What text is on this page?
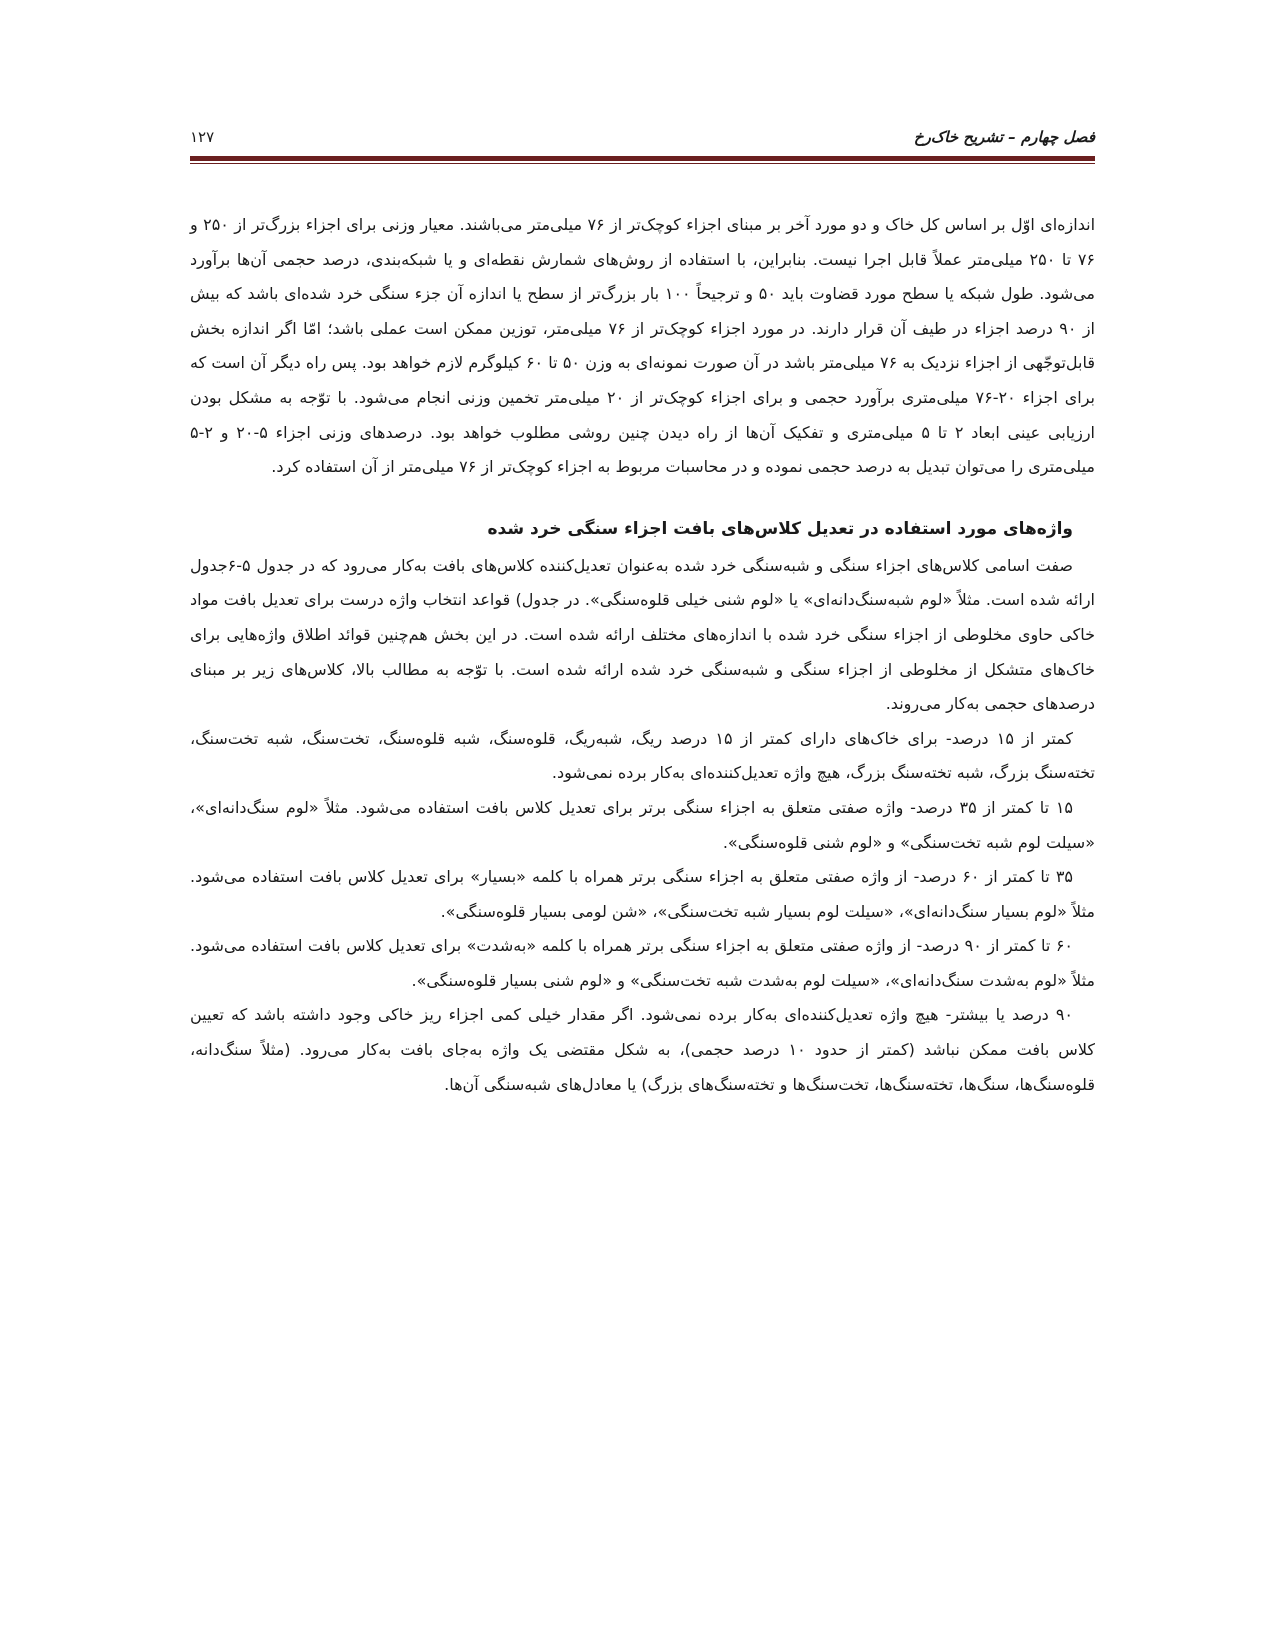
فصل چهارم – تشریح خاک‌رخ
۱۲۷

اندازه‌ای اوّل بر اساس کل خاک و دو مورد آخر بر مبنای اجزاء کوچک‌تر از ۷۶ میلی‌متر می‌باشند. معیار وزنی برای اجزاء بزرگ‌تر از ۲۵۰ و ۷۶ تا ۲۵۰ میلی‌متر عملاً قابل اجرا نیست. بنابراین، با استفاده از روش‌های شمارش نقطه‌ای و یا شبکه‌بندی، درصد حجمی آن‌ها برآورد می‌شود. طول شبکه یا سطح مورد قضاوت باید ۵۰ و ترجیحاً ۱۰۰ بار بزرگ‌تر از سطح یا اندازه آن جزء سنگی خرد شده‌ای باشد که بیش از ۹۰ درصد اجزاء در طیف آن قرار دارند. در مورد اجزاء کوچک‌تر از ۷۶ میلی‌متر، توزین ممکن است عملی باشد؛ امّا اگر اندازه بخش قابل‌توجّهی از اجزاء نزدیک به ۷۶ میلی‌متر باشد در آن صورت نمونه‌ای به وزن ۵۰ تا ۶۰ کیلوگرم لازم خواهد بود. پس راه دیگر آن است که برای اجزاء ۲۰-۷۶ میلی‌متری برآورد حجمی و برای اجزاء کوچک‌تر از ۲۰ میلی‌متر تخمین وزنی انجام می‌شود. با توّجه به مشکل بودن ارزیابی عینی ابعاد ۲ تا ۵ میلی‌متری و تفکیک آن‌ها از راه دیدن چنین روشی مطلوب خواهد بود. درصدهای وزنی اجزاء ۵-۲۰ و ۲-۵ میلی‌متری را می‌توان تبدیل به درصد حجمی نموده و در محاسبات مربوط به اجزاء کوچک‌تر از ۷۶ میلی‌متر از آن استفاده کرد.

واژه‌های مورد استفاده در تعدیل کلاس‌های بافت اجزاء سنگی خرد شده

صفت اسامی کلاس‌های اجزاء سنگی و شبه‌سنگی خرد شده به‌عنوان تعدیل‌کننده کلاس‌های بافت به‌کار می‌رود که در جدول ۵-۶جدول ارائه شده است. مثلاً «لوم شبه‌سنگ‌دانه‌ای» یا «لوم شنی خیلی قلوه‌سنگی». در جدول) قواعد انتخاب واژه درست برای تعدیل بافت مواد خاکی حاوی مخلوطی از اجزاء سنگی خرد شده با اندازه‌های مختلف ارائه شده است. در این بخش هم‌چنین قوائد اطلاق واژه‌هایی برای خاک‌های متشکل از مخلوطی از اجزاء سنگی و شبه‌سنگی خرد شده ارائه شده است. با توّجه به مطالب بالا، کلاس‌های زیر بر مبنای درصدهای حجمی به‌کار می‌روند.

کمتر از ۱۵ درصد- برای خاک‌های دارای کمتر از ۱۵ درصد ریگ، شبه‌ریگ، قلوه‌سنگ، شبه قلوه‌سنگ، تخت‌سنگ، شبه تخت‌سنگ، تخته‌سنگ بزرگ، شبه تخته‌سنگ بزرگ، هیچ واژه تعدیل‌کننده‌ای به‌کار برده نمی‌شود.

۱۵ تا کمتر از ۳۵ درصد- واژه صفتی متعلق به اجزاء سنگی برتر برای تعدیل کلاس بافت استفاده می‌شود. مثلاً «لوم سنگ‌دانه‌ای»، «سیلت لوم شبه تخت‌سنگی» و «لوم شنی قلوه‌سنگی».

۳۵ تا کمتر از ۶۰ درصد- از واژه صفتی متعلق به اجزاء سنگی برتر همراه با کلمه «بسیار» برای تعدیل کلاس بافت استفاده می‌شود. مثلاً «لوم بسیار سنگ‌دانه‌ای»، «سیلت لوم بسیار شبه تخت‌سنگی»، «شن لومی بسیار قلوه‌سنگی».

۶۰ تا کمتر از ۹۰ درصد- از واژه صفتی متعلق به اجزاء سنگی برتر همراه با کلمه «به‌شدت» برای تعدیل کلاس بافت استفاده می‌شود. مثلاً «لوم به‌شدت سنگ‌دانه‌ای»، «سیلت لوم به‌شدت شبه تخت‌سنگی» و «لوم شنی بسیار قلوه‌سنگی».

۹۰ درصد یا بیشتر- هیچ واژه تعدیل‌کننده‌ای به‌کار برده نمی‌شود. اگر مقدار خیلی کمی اجزاء ریز خاکی وجود داشته باشد که تعیین کلاس بافت ممکن نباشد (کمتر از حدود ۱۰ درصد حجمی)، به شکل مقتضی یک واژه به‌جای بافت به‌کار می‌رود. (مثلاً سنگ‌دانه، قلوه‌سنگ‌ها، سنگ‌ها، تخته‌سنگ‌ها، تخت‌سنگ‌ها و تخته‌سنگ‌های بزرگ) یا معادل‌های شبه‌سنگی آن‌ها.
